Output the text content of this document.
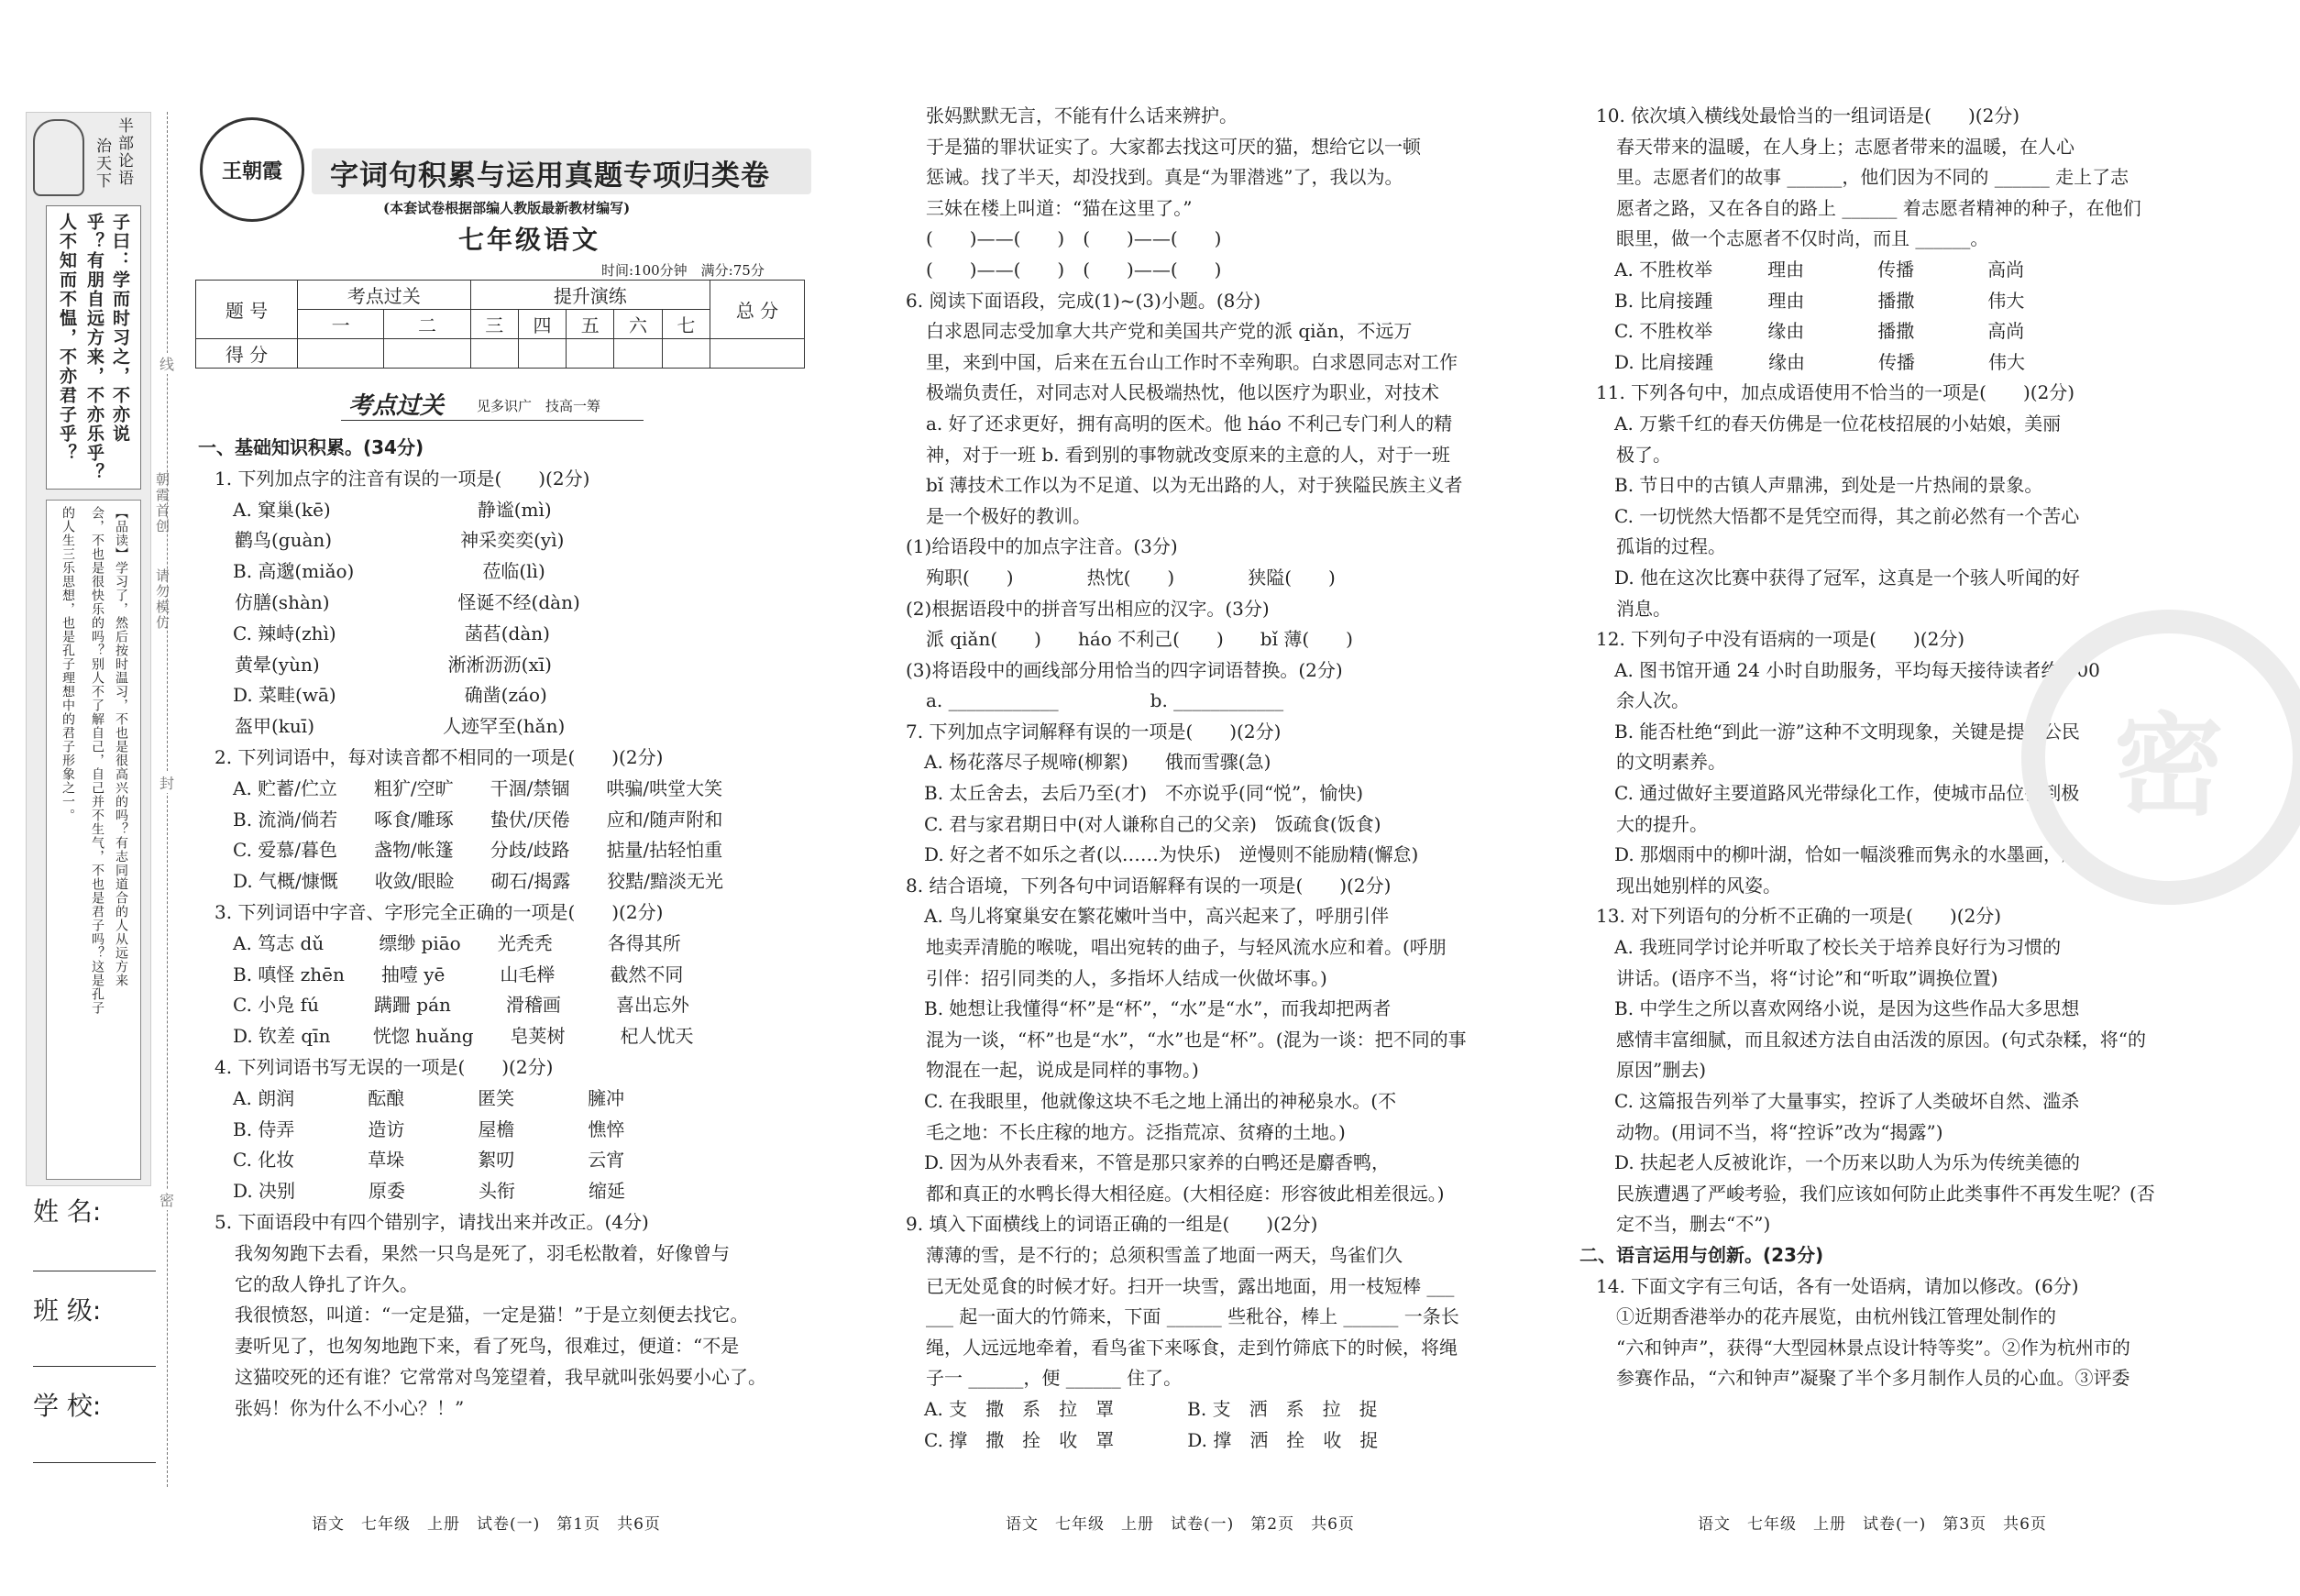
半部论语
治天下
子曰：学而时习之，不亦说
乎？有朋自远方来，不亦乐乎？
人不知而不愠，不亦君子乎？
【品读】学习了，然后按时温习，不也是很高兴的吗？有志同道合的人从远方来
会，不也是很快乐的吗？别人不了解自己，自己并不生气，不也是君子吗？这是孔子
的人生三乐思想，也是孔子理想中的君子形象之一。
姓 名:
班 级:
学 校:
线
封
密
朝霞首创
请勿模仿
王朝霞	字词句积累与运用真题专项归类卷
(本套试卷根据部编人教版最新教材编写)
七年级语文
时间:100分钟　满分:75分
题 号	考点过关		提升演练					总 分
	一	二	三	四	五	六	七	
得 分								
考点过关 见多识广　技高一筹
一、基础知识积累。(34分)
1. 下列加点字的注音有误的一项是(　　)(2分)
A. 窠巢(kē)　　　　　　　　静谧(mì)
鹳鸟(guàn)　　　　　　　神采奕奕(yì)
B. 高邈(miǎo)　　　　　　　莅临(lì)
仿膳(shàn)　　　　　　　怪诞不经(dàn)
C. 辣峙(zhì)　　　　　　　菡萏(dàn)
黄晕(yùn)　　　　　　　淅淅沥沥(xī)
D. 菜畦(wā)　　　　　　　确凿(záo)
盔甲(kuī)　　　　　　　人迹罕至(hǎn)
2. 下列词语中，每对读音都不相同的一项是(　　)(2分)
A. 贮蓄/伫立　　粗犷/空旷　　干涸/禁锢　　哄骗/哄堂大笑
B. 流淌/倘若　　啄食/雕琢　　蛰伏/厌倦　　应和/随声附和
C. 爱慕/暮色　　盏物/帐篷　　分歧/歧路　　掂量/拈轻怕重
D. 气概/慷慨　　收敛/眼睑　　砌石/揭露　　狡黠/黯淡无光
3. 下列词语中字音、字形完全正确的一项是(　　)(2分)
A. 笃志 dǔ　　　缥缈 piāo　　光秃秃　　　各得其所
B. 嗔怪 zhēn　　抽噎 yē　　　山毛榉　　　截然不同
C. 小凫 fú　　　蹒跚 pán　　　滑稽画　　　喜出忘外
D. 钦差 qīn　　 恍惚 huǎng　　皂荚树　　　杞人忧天
4. 下列词语书写无误的一项是(　　)(2分)
A. 朗润　　　　酝酿　　　　匿笑　　　　臃冲
B. 侍弄　　　　造访　　　　屋檐　　　　憔悴
C. 化妆　　　　草垛　　　　絮叨　　　　云宵
D. 决别　　　　原委　　　　头衔　　　　缩延
5. 下面语段中有四个错别字，请找出来并改正。(4分)
我匆匆跑下去看，果然一只鸟是死了，羽毛松散着，好像曾与
它的敌人铮扎了许久。
我很愤怒，叫道：“一定是猫，一定是猫！”于是立刻便去找它。
妻听见了，也匆匆地跑下来，看了死鸟，很难过，便道：“不是
这猫咬死的还有谁？它常常对鸟笼望着，我早就叫张妈要小心了。
张妈！你为什么不小心？！”
张妈默默无言，不能有什么话来辨护。
于是猫的罪状证实了。大家都去找这可厌的猫，想给它以一顿
惩诫。找了半天，却没找到。真是“为罪潜逃”了，我以为。
三妹在楼上叫道：“猫在这里了。”
(　　)——(　　)　(　　)——(　　)
(　　)——(　　)　(　　)——(　　)
6. 阅读下面语段，完成(1)~(3)小题。(8分)
白求恩同志受加拿大共产党和美国共产党的派 qiǎn，不远万
里，来到中国，后来在五台山工作时不幸殉职。白求恩同志对工作
极端负责任，对同志对人民极端热忱，他以医疗为职业，对技术
a. 好了还求更好，拥有高明的医术。他 háo 不利己专门利人的精
神，对于一班 b. 看到别的事物就改变原来的主意的人，对于一班
bǐ 薄技术工作以为不足道、以为无出路的人，对于狭隘民族主义者
是一个极好的教训。
(1)给语段中的加点字注音。(3分)
殉职(　　)　　　　热忱(　　)　　　　狭隘(　　)
(2)根据语段中的拼音写出相应的汉字。(3分)
派 qiǎn(　　)　　háo 不利己(　　)　　bǐ 薄(　　)
(3)将语段中的画线部分用恰当的四字词语替换。(2分)
a. ____________　　　　　b. ____________
7. 下列加点字词解释有误的一项是(　　)(2分)
A. 杨花落尽子规啼(柳絮)　　俄而雪骤(急)
B. 太丘舍去，去后乃至(才)　不亦说乎(同“悦”，愉快)
C. 君与家君期日中(对人谦称自己的父亲)　饭疏食(饭食)
D. 好之者不如乐之者(以……为快乐)　逆慢则不能励精(懈怠)
8. 结合语境，下列各句中词语解释有误的一项是(　　)(2分)
A. 鸟儿将窠巢安在繁花嫩叶当中，高兴起来了，呼朋引伴
地卖弄清脆的喉咙，唱出宛转的曲子，与轻风流水应和着。(呼朋
引伴：招引同类的人，多指坏人结成一伙做坏事。)
B. 她想让我懂得“杯”是“杯”，“水”是“水”，而我却把两者
混为一谈，“杯”也是“水”，“水”也是“杯”。(混为一谈：把不同的事
物混在一起，说成是同样的事物。)
C. 在我眼里，他就像这块不毛之地上涌出的神秘泉水。(不
毛之地：不长庄稼的地方。泛指荒凉、贫瘠的土地。)
D. 因为从外表看来，不管是那只家养的白鸭还是麝香鸭，
都和真正的水鸭长得大相径庭。(大相径庭：形容彼此相差很远。)
9. 填入下面横线上的词语正确的一组是(　　)(2分)
薄薄的雪，是不行的；总须积雪盖了地面一两天，鸟雀们久
已无处觅食的时候才好。扫开一块雪，露出地面，用一枝短棒 ___
___ 起一面大的竹筛来，下面 ______ 些秕谷，棒上 ______ 一条长
绳，人远远地牵着，看鸟雀下来啄食，走到竹筛底下的时候，将绳
子一 ______，便 ______ 住了。
A. 支　撒　系　拉　罩　　　　B. 支　洒　系　拉　捉
C. 撑　撒　拴　收　罩　　　　D. 撑　洒　拴　收　捉
10. 依次填入横线处最恰当的一组词语是(　　)(2分)
春天带来的温暖，在人身上；志愿者带来的温暖，在人心
里。志愿者们的故事 ______，他们因为不同的 ______ 走上了志
愿者之路，又在各自的路上 ______ 着志愿者精神的种子，在他们
眼里，做一个志愿者不仅时尚，而且 ______。
A. 不胜枚举　　　理由　　　　传播　　　　高尚
B. 比肩接踵　　　理由　　　　播撒　　　　伟大
C. 不胜枚举　　　缘由　　　　播撒　　　　高尚
D. 比肩接踵　　　缘由　　　　传播　　　　伟大
11. 下列各句中，加点成语使用不恰当的一项是(　　)(2分)
A. 万紫千红的春天仿佛是一位花枝招展的小姑娘，美丽
极了。
B. 节日中的古镇人声鼎沸，到处是一片热闹的景象。
C. 一切恍然大悟都不是凭空而得，其之前必然有一个苦心
孤诣的过程。
D. 他在这次比赛中获得了冠军，这真是一个骇人听闻的好
消息。
12. 下列句子中没有语病的一项是(　　)(2分)
A. 图书馆开通 24 小时自助服务，平均每天接待读者约 200
余人次。
B. 能否杜绝“到此一游”这种不文明现象，关键是提升公民
的文明素养。
C. 通过做好主要道路风光带绿化工作，使城市品位得到极
大的提升。
D. 那烟雨中的柳叶湖，恰如一幅淡雅而隽永的水墨画，展
现出她别样的风姿。
13. 对下列语句的分析不正确的一项是(　　)(2分)
A. 我班同学讨论并听取了校长关于培养良好行为习惯的
讲话。(语序不当，将“讨论”和“听取”调换位置)
B. 中学生之所以喜欢网络小说，是因为这些作品大多思想
感情丰富细腻，而且叙述方法自由活泼的原因。(句式杂糅，将“的
原因”删去)
C. 这篇报告列举了大量事实，控诉了人类破坏自然、滥杀
动物。(用词不当，将“控诉”改为“揭露”)
D. 扶起老人反被讹诈，一个历来以助人为乐为传统美德的
民族遭遇了严峻考验，我们应该如何防止此类事件不再发生呢？(否
定不当，删去“不”)
二、语言运用与创新。(23分)
14. 下面文字有三句话，各有一处语病，请加以修改。(6分)
①近期香港举办的花卉展览，由杭州钱江管理处制作的
“六和钟声”，获得“大型园林景点设计特等奖”。②作为杭州市的
参赛作品，“六和钟声”凝聚了半个多月制作人员的心血。③评委
密
语文　七年级　上册　试卷(一)　第1页　共6页	语文　七年级　上册　试卷(一)　第2页　共6页	语文　七年级　上册　试卷(一)　第3页　共6页
